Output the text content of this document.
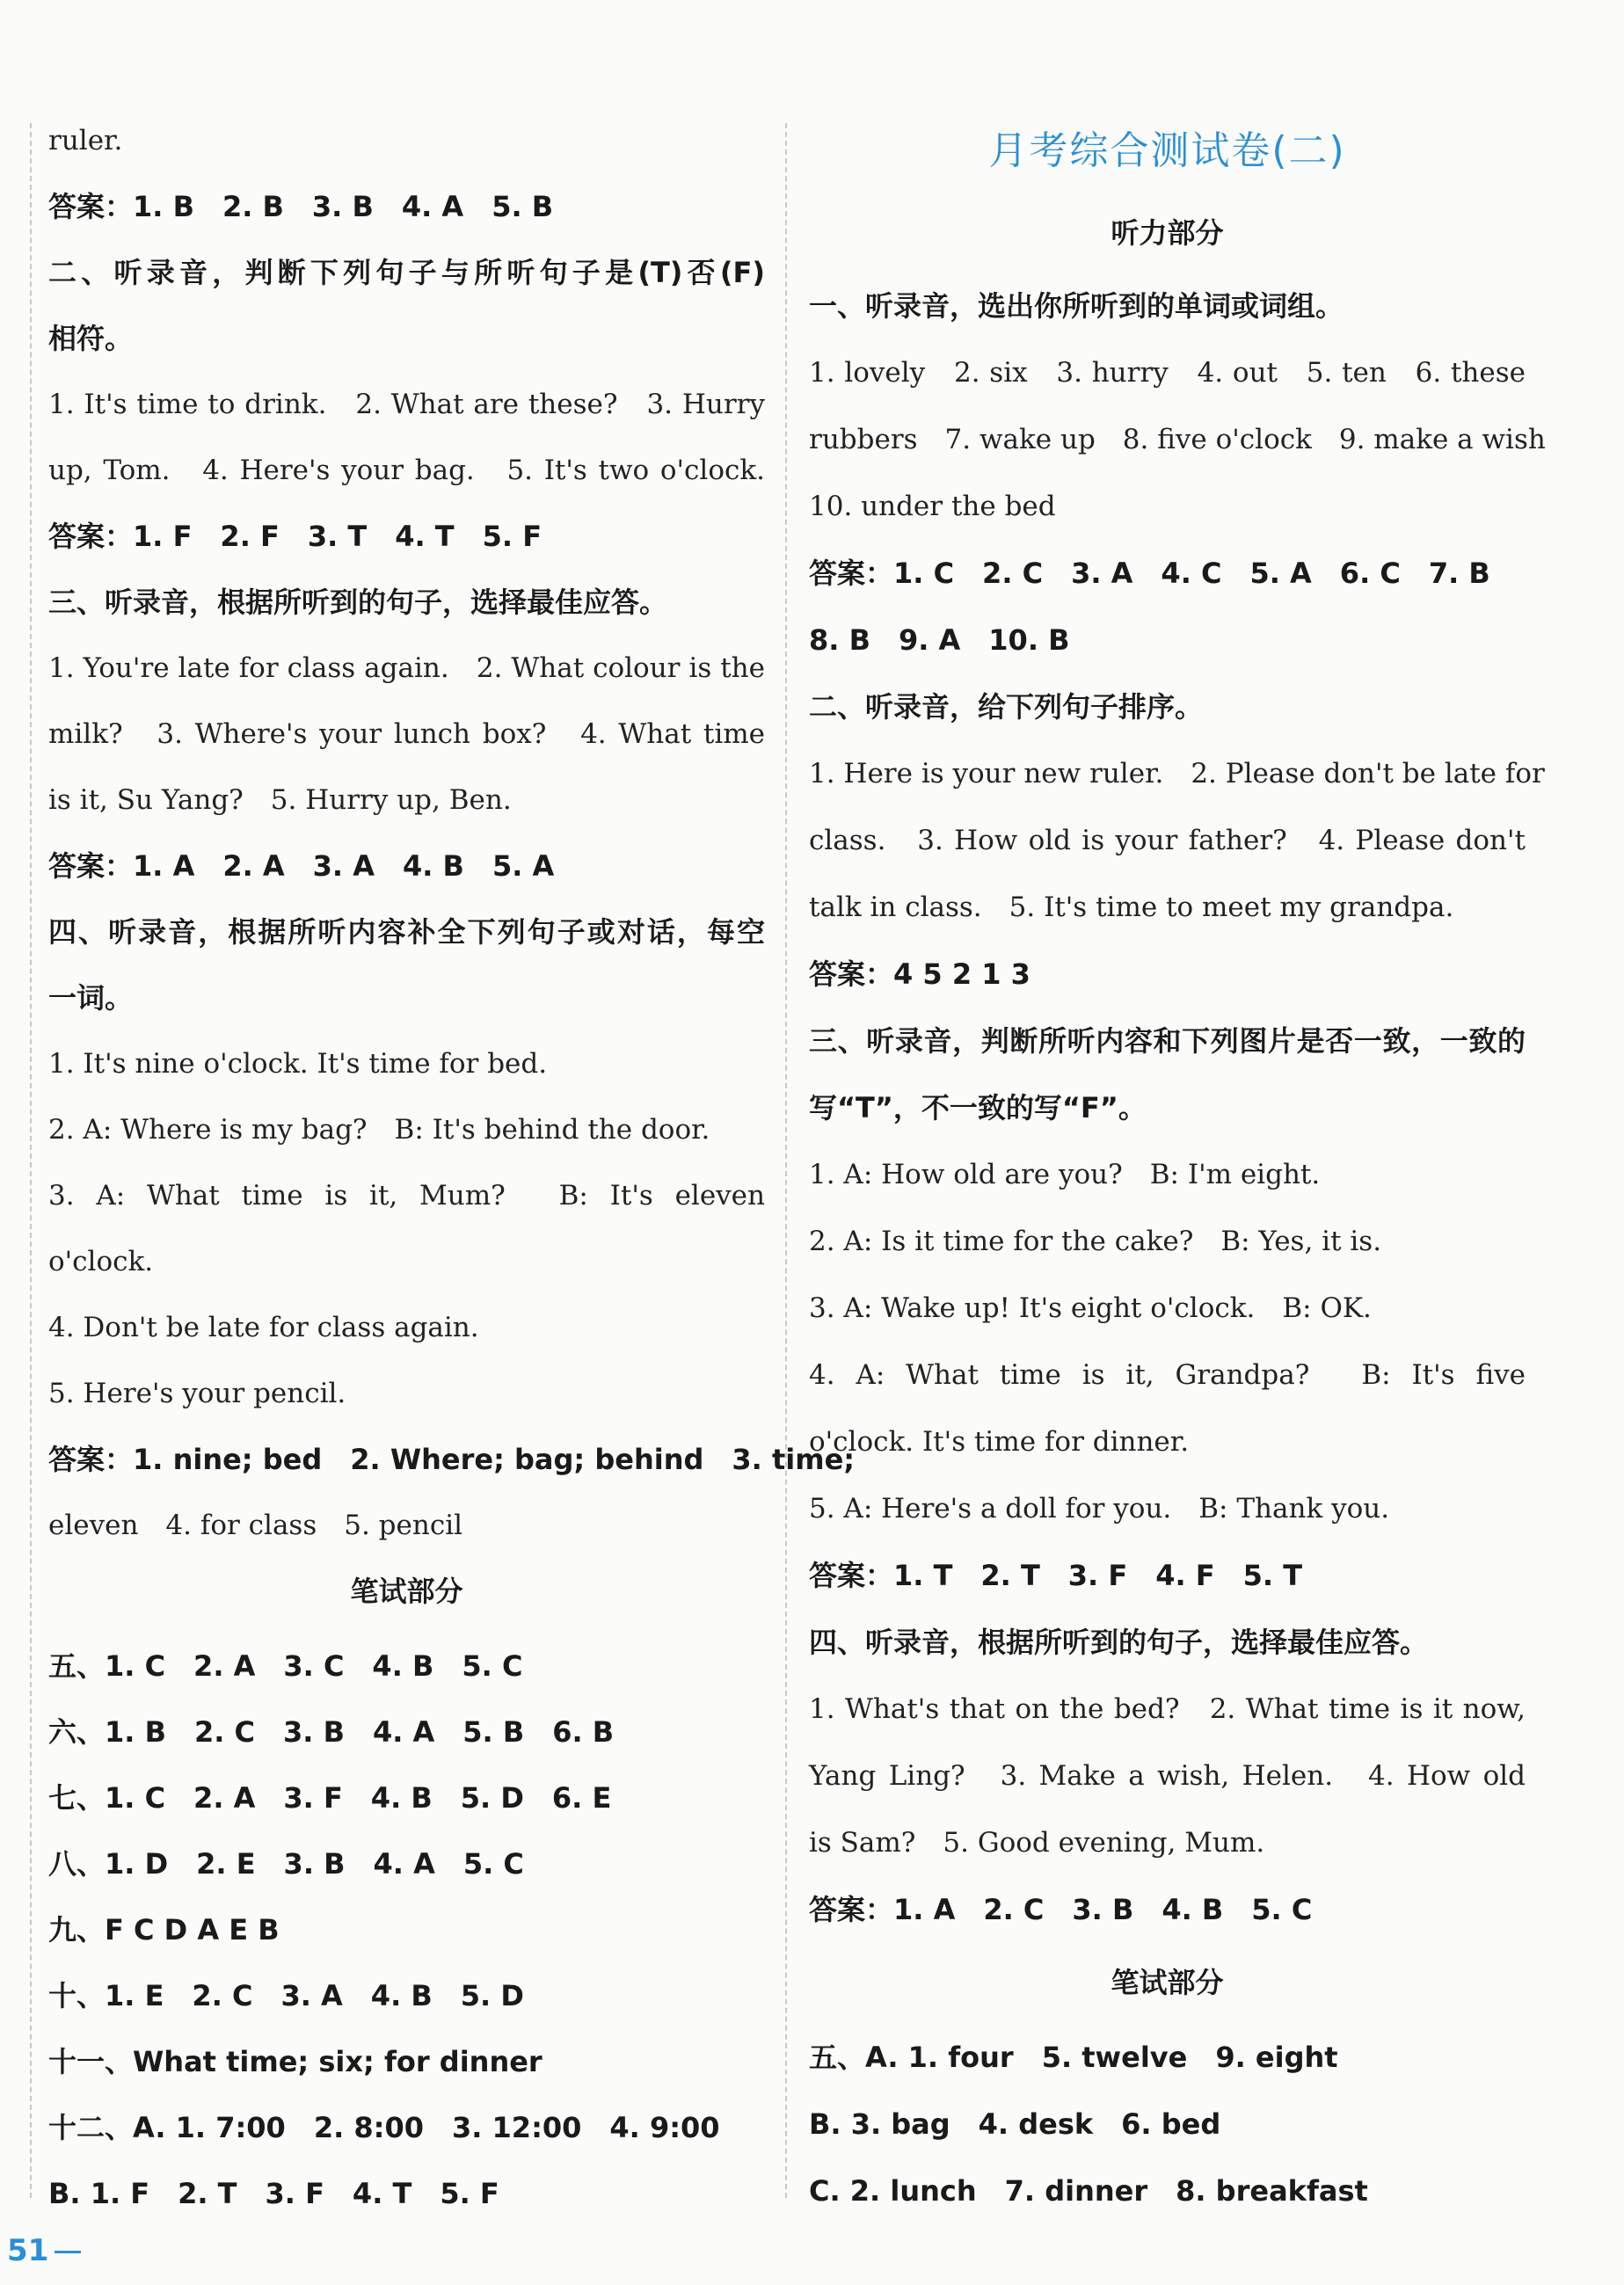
ruler.
答案：1. B　2. B　3. B　4. A　5. B
二、听录音，判断下列句子与所听句子是(T)否(F)
相符。
1. It's time to drink.　2. What are these?　3. Hurry
up, Tom.　4. Here's your bag.　5. It's two o'clock.
答案：1. F　2. F　3. T　4. T　5. F
三、听录音，根据所听到的句子，选择最佳应答。
1. You're late for class again.　2. What colour is the
milk?　3. Where's your lunch box?　4. What time
is it, Su Yang?　5. Hurry up, Ben.
答案：1. A　2. A　3. A　4. B　5. A
四、听录音，根据所听内容补全下列句子或对话，每空
一词。
1. It's nine o'clock. It's time for bed.
2. A: Where is my bag?　B: It's behind the door.
3. A: What time is it, Mum?　B: It's eleven
o'clock.
4. Don't be late for class again.
5. Here's your pencil.
答案：1. nine; bed　2. Where; bag; behind　3. time;
eleven　4. for class　5. pencil
笔试部分
五、1. C　2. A　3. C　4. B　5. C
六、1. B　2. C　3. B　4. A　5. B　6. B
七、1. C　2. A　3. F　4. B　5. D　6. E
八、1. D　2. E　3. B　4. A　5. C
九、F C D A E B
十、1. E　2. C　3. A　4. B　5. D
十一、What time; six; for dinner
十二、A. 1. 7:00　2. 8:00　3. 12:00　4. 9:00
B. 1. F　2. T　3. F　4. T　5. F
月考综合测试卷(二)
听力部分
一、听录音，选出你所听到的单词或词组。
1. lovely　2. six　3. hurry　4. out　5. ten　6. these
rubbers　7. wake up　8. five o'clock　9. make a wish
10. under the bed
答案：1. C　2. C　3. A　4. C　5. A　6. C　7. B
8. B　9. A　10. B
二、听录音，给下列句子排序。
1. Here is your new ruler.　2. Please don't be late for
class.　3. How old is your father?　4. Please don't
talk in class.　5. It's time to meet my grandpa.
答案：4 5 2 1 3
三、听录音，判断所听内容和下列图片是否一致，一致的
写“T”，不一致的写“F”。
1. A: How old are you?　B: I'm eight.
2. A: Is it time for the cake?　B: Yes, it is.
3. A: Wake up! It's eight o'clock.　B: OK.
4. A: What time is it, Grandpa?　B: It's five
o'clock. It's time for dinner.
5. A: Here's a doll for you.　B: Thank you.
答案：1. T　2. T　3. F　4. F　5. T
四、听录音，根据所听到的句子，选择最佳应答。
1. What's that on the bed?　2. What time is it now,
Yang Ling?　3. Make a wish, Helen.　4. How old
is Sam?　5. Good evening, Mum.
答案：1. A　2. C　3. B　4. B　5. C
笔试部分
五、A. 1. four　5. twelve　9. eight
B. 3. bag　4. desk　6. bed
C. 2. lunch　7. dinner　8. breakfast
51
